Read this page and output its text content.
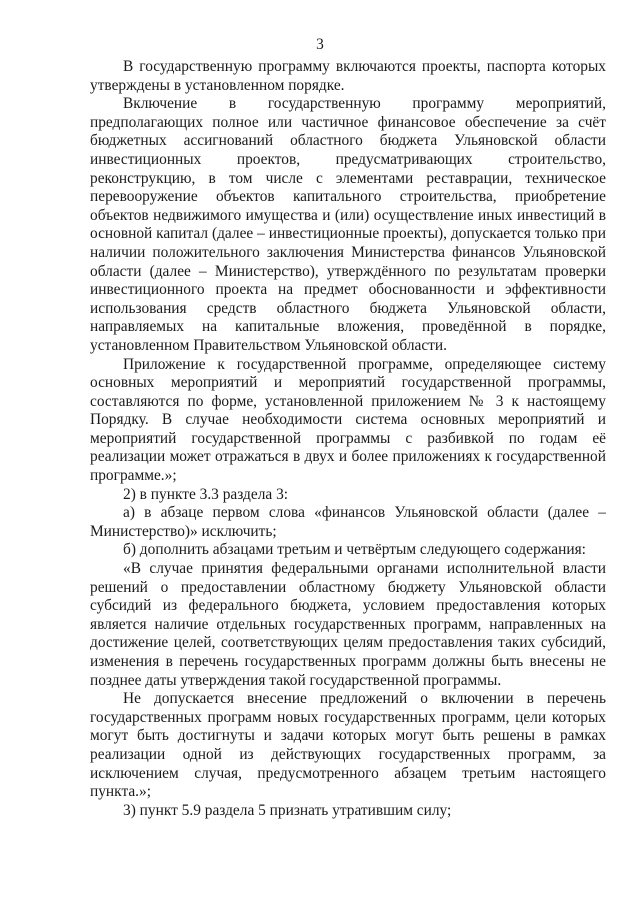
3

В государственную программу включаются проекты, паспорта которых утверждены в установленном порядке.

Включение в государственную программу мероприятий, предполагающих полное или частичное финансовое обеспечение за счёт бюджетных ассигнований областного бюджета Ульяновской области инвестиционных проектов, предусматривающих строительство, реконструкцию, в том числе с элементами реставрации, техническое перевооружение объектов капитального строительства, приобретение объектов недвижимого имущества и (или) осуществление иных инвестиций в основной капитал (далее – инвестиционные проекты), допускается только при наличии положительного заключения Министерства финансов Ульяновской области (далее – Министерство), утверждённого по результатам проверки инвестиционного проекта на предмет обоснованности и эффективности использования средств областного бюджета Ульяновской области, направляемых на капитальные вложения, проведённой в порядке, установленном Правительством Ульяновской области.

Приложение к государственной программе, определяющее систему основных мероприятий и мероприятий государственной программы, составляются по форме, установленной приложением № 3 к настоящему Порядку. В случае необходимости система основных мероприятий и мероприятий государственной программы с разбивкой по годам её реализации может отражаться в двух и более приложениях к государственной программе.»;

2) в пункте 3.3 раздела 3:

а) в абзаце первом слова «финансов Ульяновской области (далее – Министерство)» исключить;

б) дополнить абзацами третьим и четвёртым следующего содержания:

«В случае принятия федеральными органами исполнительной власти решений о предоставлении областному бюджету Ульяновской области субсидий из федерального бюджета, условием предоставления которых является наличие отдельных государственных программ, направленных на достижение целей, соответствующих целям предоставления таких субсидий, изменения в перечень государственных программ должны быть внесены не позднее даты утверждения такой государственной программы.

Не допускается внесение предложений о включении в перечень государственных программ новых государственных программ, цели которых могут быть достигнуты и задачи которых могут быть решены в рамках реализации одной из действующих государственных программ, за исключением случая, предусмотренного абзацем третьим настоящего пункта.»;

3) пункт 5.9 раздела 5 признать утратившим силу;
